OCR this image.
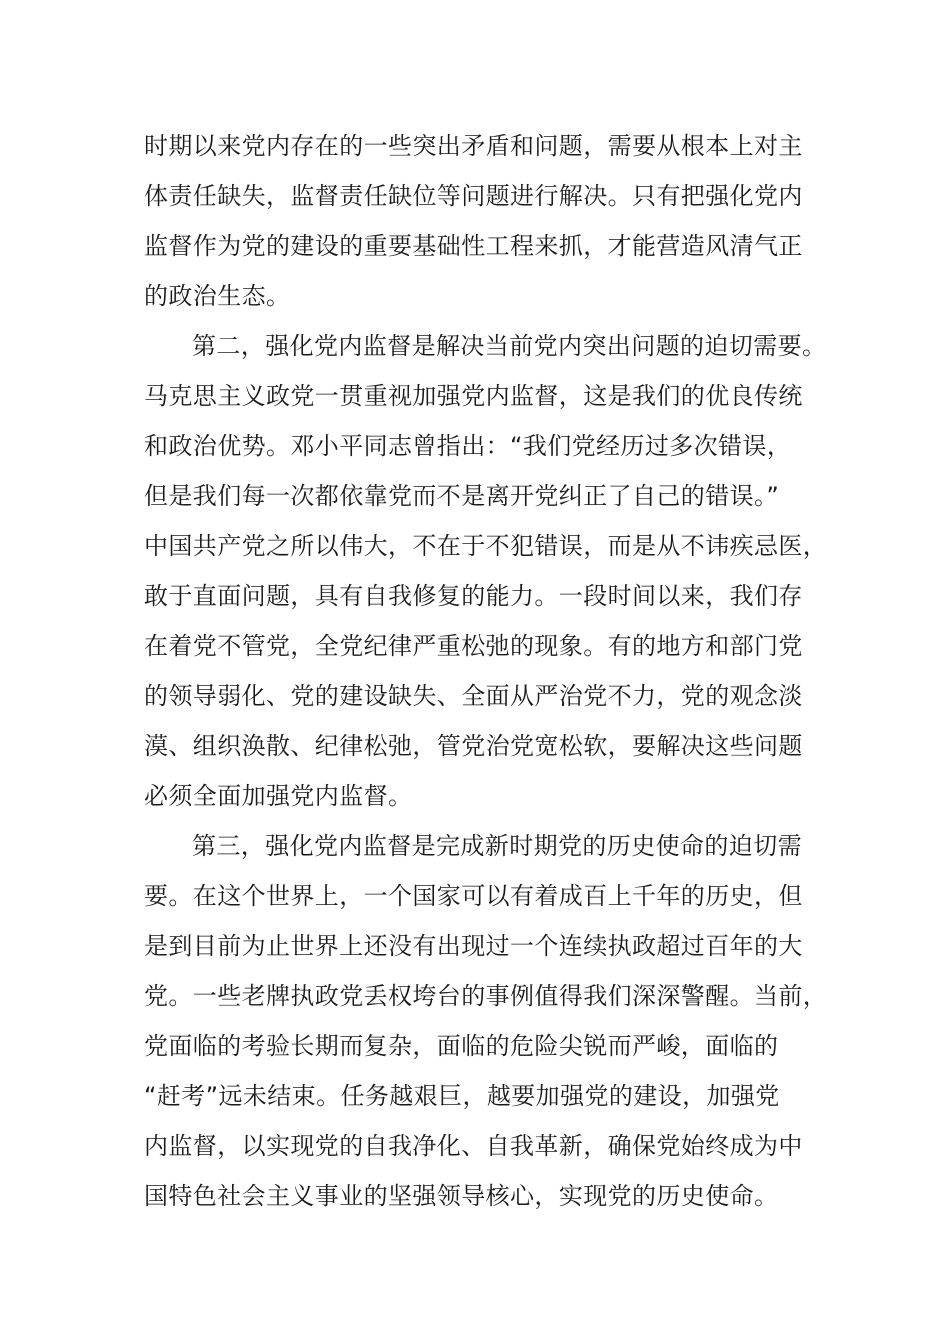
时期以来党内存在的一些突出矛盾和问题，需要从根本上对主
体责任缺失，监督责任缺位等问题进行解决。只有把强化党内
监督作为党的建设的重要基础性工程来抓，才能营造风清气正
的政治生态。
第二，强化党内监督是解决当前党内突出问题的迫切需要。
马克思主义政党一贯重视加强党内监督，这是我们的优良传统
和政治优势。邓小平同志曾指出：“我们党经历过多次错误，
但是我们每一次都依靠党而不是离开党纠正了自己的错误。”
中国共产党之所以伟大，不在于不犯错误，而是从不讳疾忌医，
敢于直面问题，具有自我修复的能力。一段时间以来，我们存
在着党不管党，全党纪律严重松弛的现象。有的地方和部门党
的领导弱化、党的建设缺失、全面从严治党不力，党的观念淡
漠、组织涣散、纪律松弛，管党治党宽松软，要解决这些问题
必须全面加强党内监督。
第三，强化党内监督是完成新时期党的历史使命的迫切需
要。在这个世界上，一个国家可以有着成百上千年的历史，但
是到目前为止世界上还没有出现过一个连续执政超过百年的大
党。一些老牌执政党丢权垮台的事例值得我们深深警醒。当前，
党面临的考验长期而复杂，面临的危险尖锐而严峻，面临的
“赶考”远未结束。任务越艰巨，越要加强党的建设，加强党
内监督，以实现党的自我净化、自我革新，确保党始终成为中
国特色社会主义事业的坚强领导核心，实现党的历史使命。
